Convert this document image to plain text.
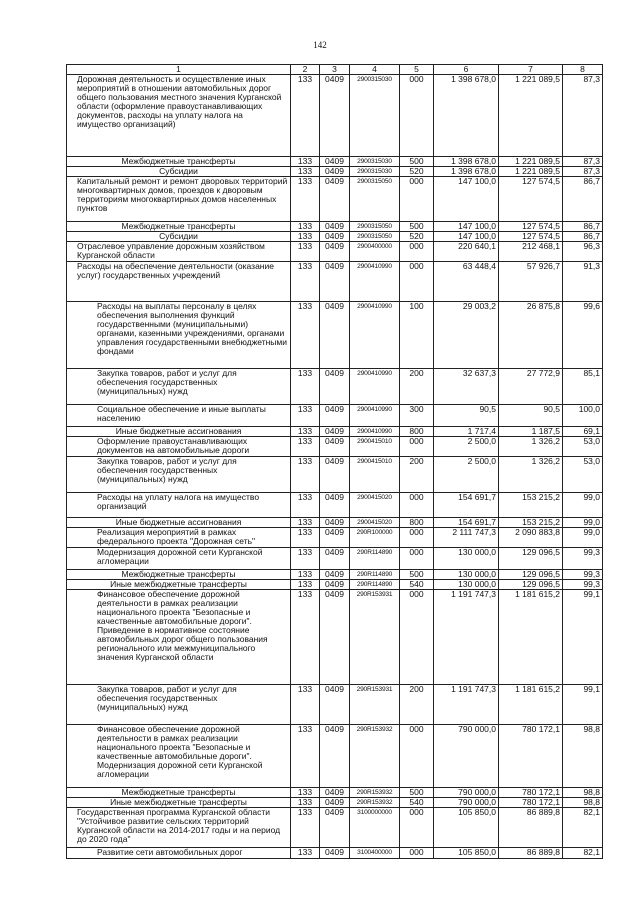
142
1	2	3	4	5	6	7	8
Дорожная деятельность и осуществление иных мероприятий в отношении автомобильных дорог общего пользования местного значения Курганской области (оформление правоустанавливающих документов, расходы на уплату налога на имущество организаций)	133	0409	2900315030	000	1 398 678,0	1 221 089,5	87,3
Межбюджетные трансферты	133	0409	2900315030	500	1 398 678,0	1 221 089,5	87,3
Субсидии	133	0409	2900315030	520	1 398 678,0	1 221 089,5	87,3
Капитальный ремонт и ремонт дворовых территорий многоквартирных домов, проездов к дворовым территориям многоквартирных домов населенных пунктов	133	0409	2900315050	000	147 100,0	127 574,5	86,7
Межбюджетные трансферты	133	0409	2900315050	500	147 100,0	127 574,5	86,7
Субсидии	133	0409	2900315050	520	147 100,0	127 574,5	86,7
Отраслевое управление дорожным хозяйством Курганской области	133	0409	2900400000	000	220 640,1	212 468,1	96,3
Расходы на обеспечение деятельности (оказание услуг) государственных учреждений	133	0409	2900410990	000	63 448,4	57 926,7	91,3
Расходы на выплаты персоналу в целях обеспечения выполнения функций государственными (муниципальными) органами, казенными учреждениями, органами управления государственными внебюджетными фондами	133	0409	2900410990	100	29 003,2	26 875,8	99,6
Закупка товаров, работ и услуг для обеспечения государственных (муниципальных) нужд	133	0409	2900410990	200	32 637,3	27 772,9	85,1
Социальное обеспечение и иные выплаты населению	133	0409	2900410990	300	90,5	90,5	100,0
Иные бюджетные ассигнования	133	0409	2900410990	800	1 717,4	1 187,5	69,1
Оформление правоустанавливающих документов на автомобильные дороги	133	0409	2900415010	000	2 500,0	1 326,2	53,0
Закупка товаров, работ и услуг для обеспечения государственных (муниципальных) нужд	133	0409	2900415010	200	2 500,0	1 326,2	53,0
Расходы на уплату налога на имущество организаций	133	0409	2900415020	000	154 691,7	153 215,2	99,0
Иные бюджетные ассигнования	133	0409	2900415020	800	154 691,7	153 215,2	99,0
Реализация мероприятий в рамках федерального проекта "Дорожная сеть"	133	0409	290R100000	000	2 111 747,3	2 090 883,8	99,0
Модернизация дорожной сети Курганской агломерации	133	0409	290R114890	000	130 000,0	129 096,5	99,3
Межбюджетные трансферты	133	0409	290R114890	500	130 000,0	129 096,5	99,3
Иные межбюджетные трансферты	133	0409	290R114890	540	130 000,0	129 096,5	99,3
Финансовое обеспечение дорожной деятельности в рамках реализации национального проекта "Безопасные и качественные автомобильные дороги". Приведение в нормативное состояние автомобильных дорог общего пользования регионального или межмуниципального значения Курганской области	133	0409	290R153931	000	1 191 747,3	1 181 615,2	99,1
Закупка товаров, работ и услуг для обеспечения государственных (муниципальных) нужд	133	0409	290R153931	200	1 191 747,3	1 181 615,2	99,1
Финансовое обеспечение дорожной деятельности в рамках реализации национального проекта "Безопасные и качественные автомобильные дороги". Модернизация дорожной сети Курганской агломерации	133	0409	290R153932	000	790 000,0	780 172,1	98,8
Межбюджетные трансферты	133	0409	290R153932	500	790 000,0	780 172,1	98,8
Иные межбюджетные трансферты	133	0409	290R153932	540	790 000,0	780 172,1	98,8
Государственная программа Курганской области "Устойчивое развитие сельских территорий Курганской области на 2014-2017 годы и на период до 2020 года"	133	0409	3100000000	000	105 850,0	86 889,8	82,1
Развитие сети автомобильных дорог	133	0409	3100400000	000	105 850,0	86 889,8	82,1
